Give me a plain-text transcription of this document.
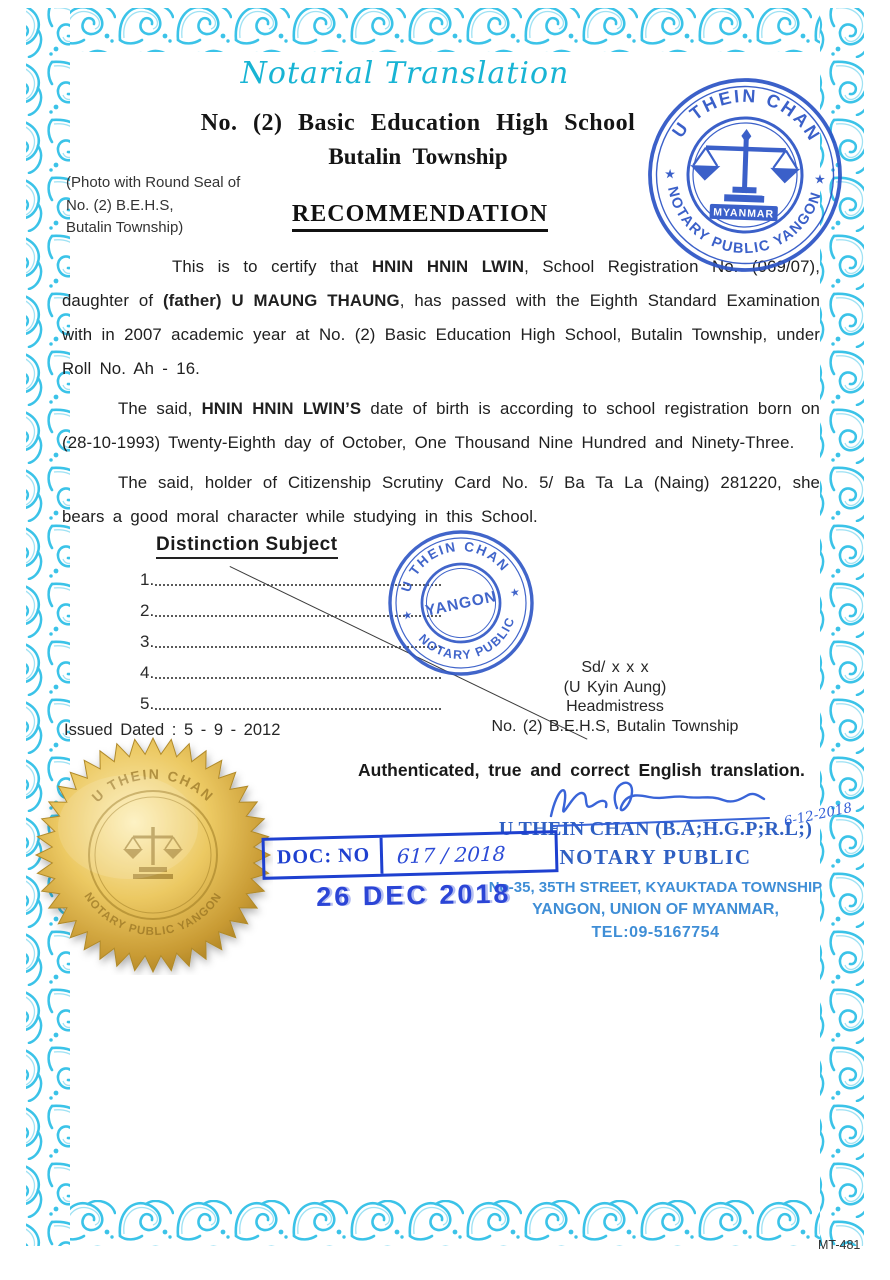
Notarial Translation
No. (2) Basic Education High School
Butalin Township
(Photo with Round Seal of
No. (2) B.E.H.S,
Butalin Township)
RECOMMENDATION

This is to certify that HNIN HNIN LWIN, School Registration No. (069/07), daughter of (father) U MAUNG THAUNG, has passed with the Eighth Standard Examination with in 2007 academic year at No. (2) Basic Education High School, Butalin Township, under Roll No. Ah - 16.

The said, HNIN HNIN LWIN’S date of birth is according to school registration born on (28-10-1993) Twenty-Eighth day of October, One Thousand Nine Hundred and Ninety-Three.

The said, holder of Citizenship Scrutiny Card No. 5/ Ba Ta La (Naing) 281220, she bears a good moral character while studying in this School.

Distinction Subject
1.
2.
3.
4.
5.
U THEIN CHAN
NOTARY PUBLIC YANGON
★	★
MYANMAR
U THEIN CHAN
NOTARY PUBLIC
YANGON
★
★
Sd/ x x x
(U Kyin Aung)
Headmistress
No. (2) B.E.H.S, Butalin Township
Issued Dated : 5 - 9 - 2012
Authenticated, true and correct English translation.
6-12-2018
U THEIN CHAN (B.A;H.G.P;R.L;)
NOTARY PUBLIC
No-35, 35TH STREET, KYAUKTADA TOWNSHIP
YANGON, UNION OF MYANMAR,
TEL:09-5167754
U THEIN CHAN
NOTARY PUBLIC YANGON
DOC: NO	617 / 2018
26 DEC 2018
MT-481
